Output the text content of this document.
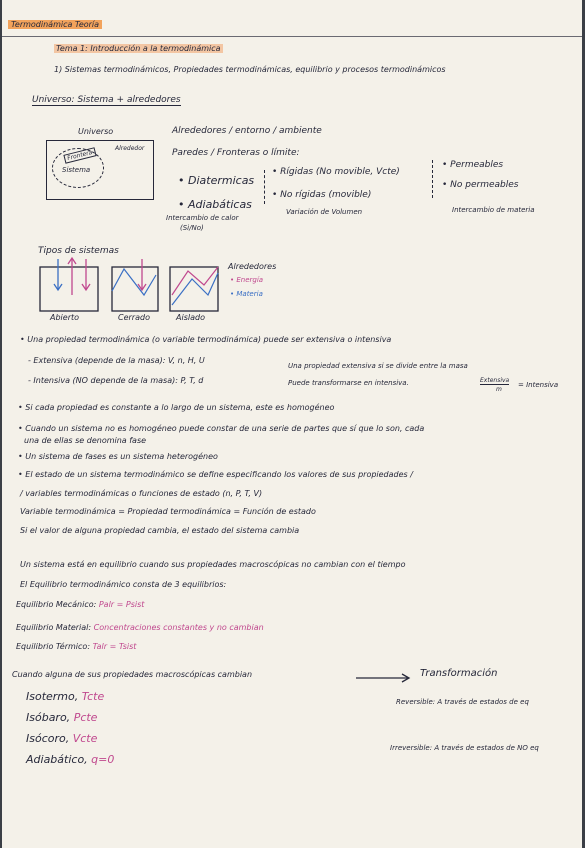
Termodinámica Teoría
Tema 1: Introducción a la termodinámica
1) Sistemas termodinámicos, Propiedades termodinámicas, equilibrio y procesos termodinámicos
Universo: Sistema + alrededores
Universo
Alrededor
Frontera
Sistema
Alrededores / entorno / ambiente
Paredes / Fronteras o límite:
• Diatermicas
• Adiabáticas
Intercambio de calor
(Si/No)
• Rígidas (No movible, Vcte)
• No rígidas (movible)
Variación de Volumen
• Permeables
• No permeables
Intercambio de materia
Tipos de sistemas
Abierto	Cerrado	Aislado
Alrededores
• Energía
• Materia
• Una propiedad termodinámica (o variable termodinámica) puede ser extensiva o intensiva
- Extensiva (depende de la masa): V, n, H, U
- Intensiva (NO depende de la masa): P, T, d
Una propiedad extensiva si se divide entre la masa
Puede transformarse en intensiva.	Extensiva
m
= Intensiva
• Si cada propiedad es constante a lo largo de un sistema, este es homogéneo
• Cuando un sistema no es homogéneo puede constar de una serie de partes que sí que lo son, cada
una de ellas se denomina fase
• Un sistema de fases es un sistema heterogéneo
• El estado de un sistema termodinámico se define especificando los valores de sus propiedades /
/ variables termodinámicas o funciones de estado (n, P, T, V)
Variable termodinámica = Propiedad termodinámica = Función de estado
Si el valor de alguna propiedad cambia, el estado del sistema cambia
Un sistema está en equilibrio cuando sus propiedades macroscópicas no cambian con el tiempo
El Equilibrio termodinámico consta de 3 equilibrios:
Equilibrio Mecánico: Palr = Psist
Equilibrio Material: Concentraciones constantes y no cambian
Equilibrio Térmico: Talr = Tsist
Cuando alguna de sus propiedades macroscópicas cambian	Transformación
Reversible: A través de estados de eq
Irreversible: A través de estados de NO eq
Isotermo, Tcte
Isóbaro, Pcte
Isócoro, Vcte
Adiabático, q=0
